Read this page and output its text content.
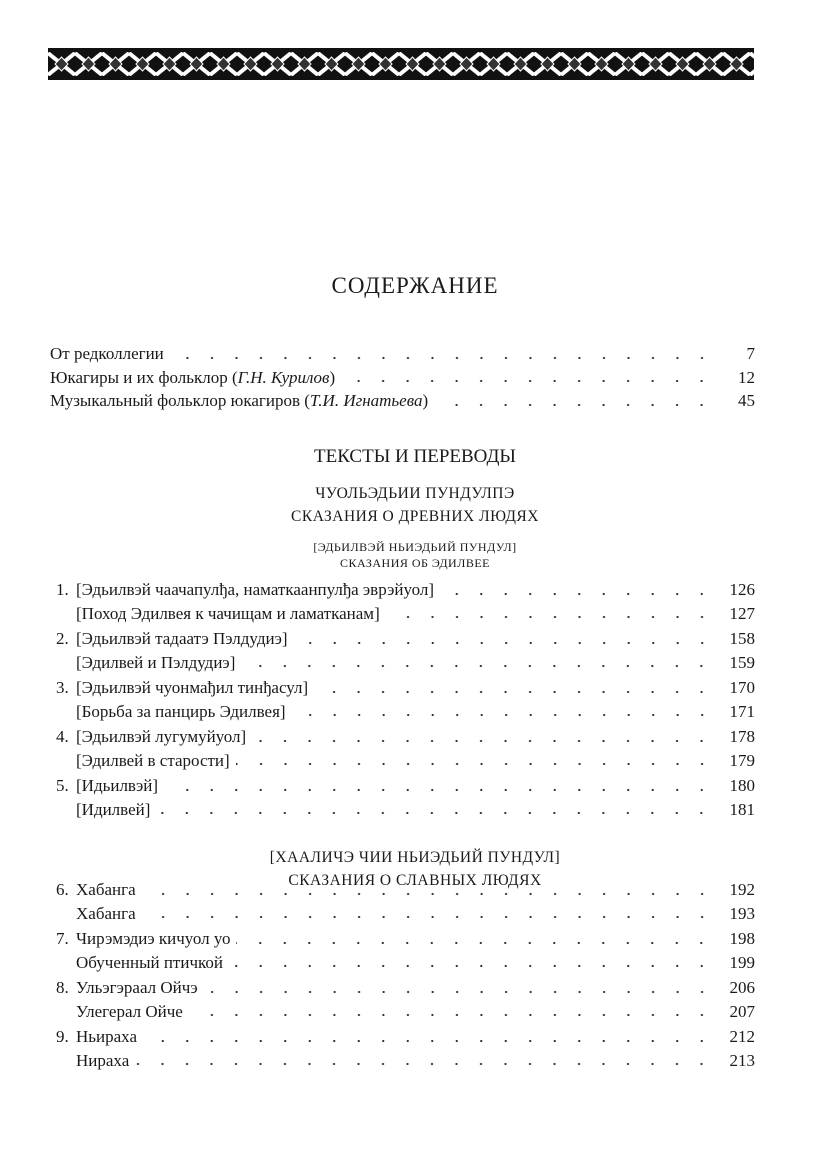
СОДЕРЖАНИЕ
От редколлегии	7
Юкагиры и их фольклор (Г.Н. Курилов)	12
Музыкальный фольклор юкагиров (Т.И. Игнатьева)	45
ТЕКСТЫ И ПЕРЕВОДЫ
ЧУОЛЬЭДЬИИ ПУНДУЛПЭ
СКАЗАНИЯ О ДРЕВНИХ ЛЮДЯХ
[ЭДЬИЛВЭЙ НЬИЭДЬИЙ ПУНДУЛ]
СКАЗАНИЯ ОБ ЭДИЛВЕЕ
1. [Эдьилвэй чаачапулђа, наматкаанпулђа эврэйуол]	126
[Поход Эдилвея к чачищам и ламатканам]	127
2. [Эдьилвэй тадаатэ Пэлдудиэ]	158
[Эдилвей и Пэлдудиэ]	159
3. [Эдьилвэй чуонмађил тинђасул]	170
[Борьба за панцирь Эдилвея]	171
4. [Эдьилвэй лугумуйуол]	178
[Эдилвей в старости]	179
5. [Идьилвэй]	180
[Идилвей]	181
[ХААЛИЧЭ ЧИИ НЬИЭДЬИЙ ПУНДУЛ]
СКАЗАНИЯ О СЛАВНЫХ ЛЮДЯХ
6. Хабанга	192
Хабанга	193
7. Чирэмэдиэ кичуол уо	198
Обученный птичкой	199
8. Ульэгэраал Ойчэ	206
Улегерал Ойче	207
9. Ньираха	212
Нираха	213
